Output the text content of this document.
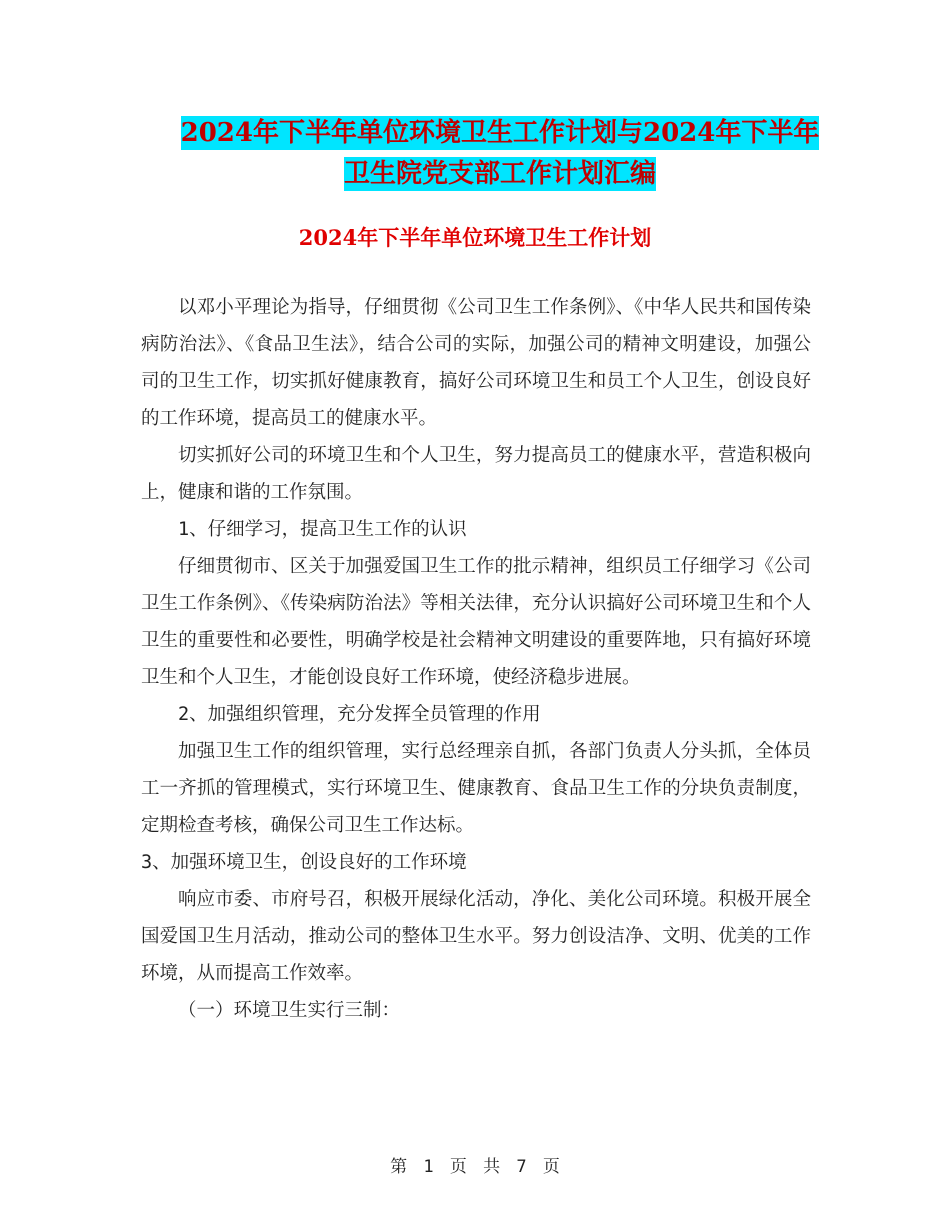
2024年下半年单位环境卫生工作计划与2024年下半年
卫生院党支部工作计划汇编
2024年下半年单位环境卫生工作计划

以邓小平理论为指导，仔细贯彻《公司卫生工作条例》、《中华人民共和国传染病防治法》、《食品卫生法》，结合公司的实际，加强公司的精神文明建设，加强公司的卫生工作，切实抓好健康教育，搞好公司环境卫生和员工个人卫生，创设良好的工作环境，提高员工的健康水平。

切实抓好公司的环境卫生和个人卫生，努力提高员工的健康水平，营造积极向上，健康和谐的工作氛围。

1、仔细学习，提高卫生工作的认识

仔细贯彻市、区关于加强爱国卫生工作的批示精神，组织员工仔细学习《公司卫生工作条例》、《传染病防治法》等相关法律，充分认识搞好公司环境卫生和个人卫生的重要性和必要性，明确学校是社会精神文明建设的重要阵地，只有搞好环境卫生和个人卫生，才能创设良好工作环境，使经济稳步进展。

2、加强组织管理，充分发挥全员管理的作用

加强卫生工作的组织管理，实行总经理亲自抓，各部门负责人分头抓，全体员工一齐抓的管理模式，实行环境卫生、健康教育、食品卫生工作的分块负责制度，定期检查考核，确保公司卫生工作达标。

3、加强环境卫生，创设良好的工作环境

响应市委、市府号召，积极开展绿化活动，净化、美化公司环境。积极开展全国爱国卫生月活动，推动公司的整体卫生水平。努力创设洁净、文明、优美的工作环境，从而提高工作效率。

（一）环境卫生实行三制：

第 1 页 共 7 页
